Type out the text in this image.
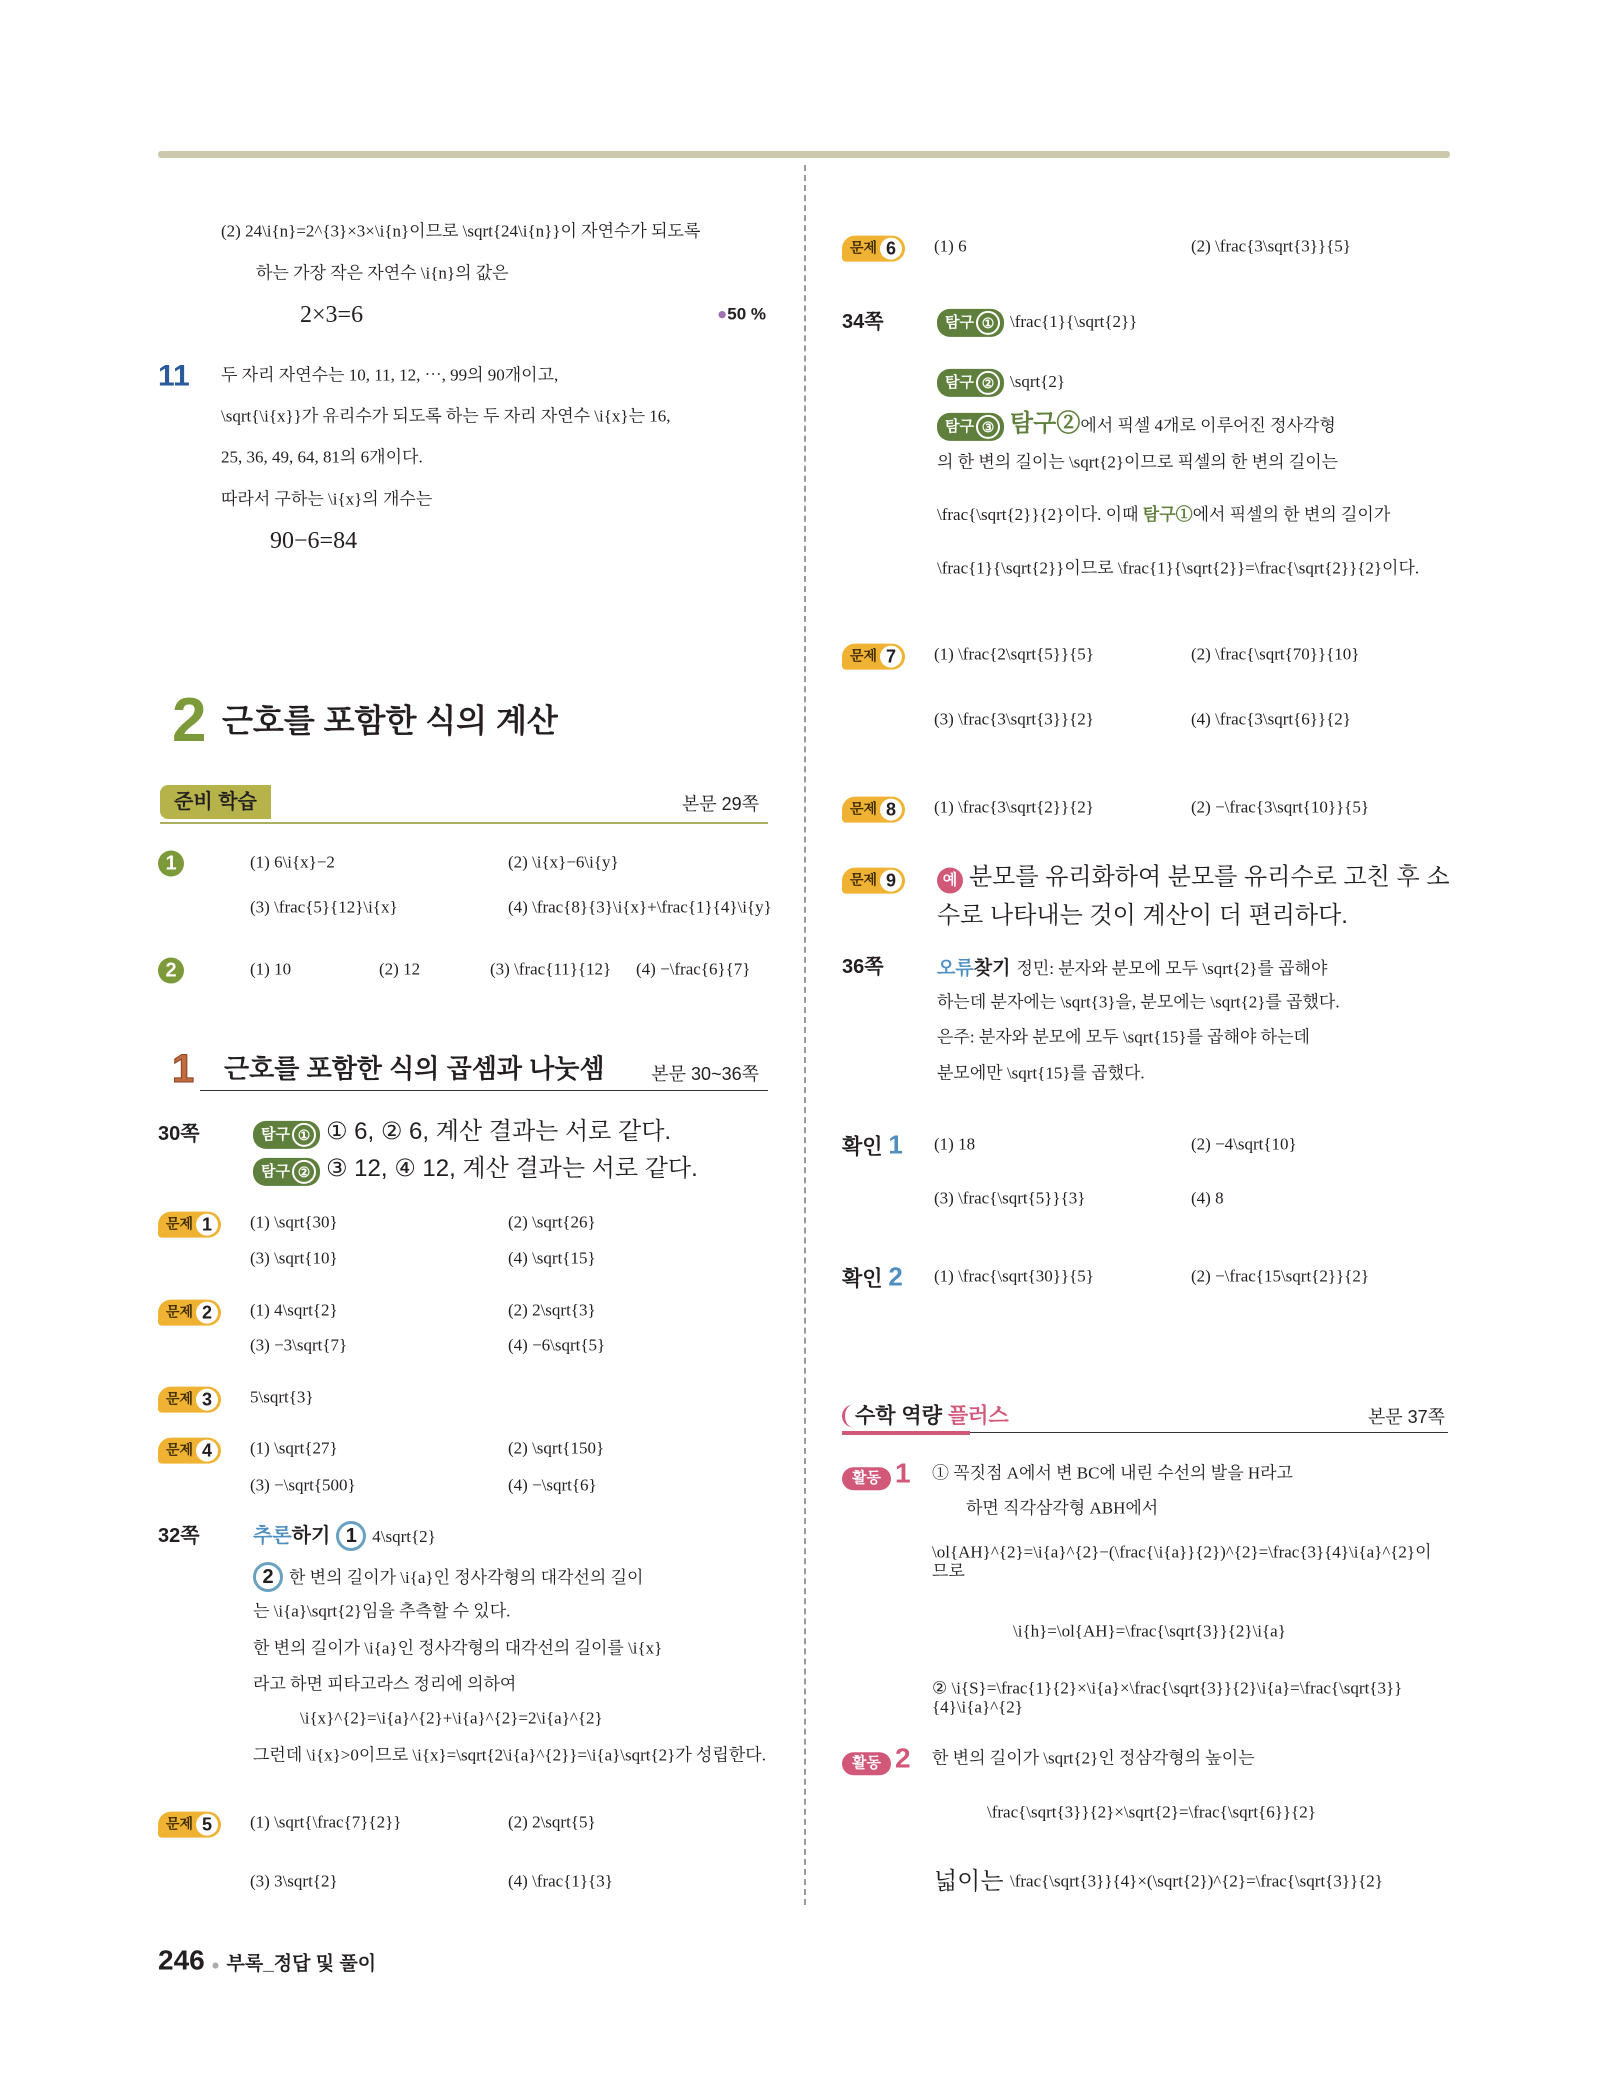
(2) 24\i{n}=2^{3}×3×\i{n}이므로 \sqrt{24\i{n}}이 자연수가 되도록
하는 가장 작은 자연수 \i{n}의 값은
2×3=6	●50 %
11 두 자리 자연수는 10, 11, 12, ⋯, 99의 90개이고,
\sqrt{\i{x}}가 유리수가 되도록 하는 두 자리 자연수 \i{x}는 16,
25, 36, 49, 64, 81의 6개이다.
따라서 구하는 \i{x}의 개수는
90−6=84
2 근호를 포함한 식의 계산
준비 학습	본문 29쪽
1	(1) 6\i{x}−2	(2) \i{x}−6\i{y}
(3) \frac{5}{12}\i{x}	(4) \frac{8}{3}\i{x}+\frac{1}{4}\i{y}
2	(1) 10	(2) 12	(3) \frac{11}{12} (4) −\frac{6}{7}
1 근호를 포함한 식의 곱셈과 나눗셈	본문 30~36쪽
30쪽	탐구 ① ① 6, ② 6, 계산 결과는 서로 같다.
탐구 ② ③ 12, ④ 12, 계산 결과는 서로 같다.
문제 1	(1) \sqrt{30}	(2) \sqrt{26}
(3) \sqrt{10}	(4) \sqrt{15}
문제 2	(1) 4\sqrt{2}	(2) 2\sqrt{3}
(3) −3\sqrt{7}	(4) −6\sqrt{5}
문제 3	5\sqrt{3}
문제 4	(1) \sqrt{27}	(2) \sqrt{150}
(3) −\sqrt{500}	(4) −\sqrt{6}
32쪽	추론하기 1 4\sqrt{2}
2 한 변의 길이가 \i{a}인 정사각형의 대각선의 길이
는 \i{a}\sqrt{2}임을 추측할 수 있다.
한 변의 길이가 \i{a}인 정사각형의 대각선의 길이를 \i{x}
라고 하면 피타고라스 정리에 의하여
\i{x}^{2}=\i{a}^{2}+\i{a}^{2}=2\i{a}^{2}
그런데 \i{x}>0이므로 \i{x}=\sqrt{2\i{a}^{2}}=\i{a}\sqrt{2}가 성립한다.
문제 5	(1) \sqrt{\frac{7}{2}}	(2) 2\sqrt{5}
(3) 3\sqrt{2}	(4) \frac{1}{3}
246 ● 부록_정답 및 풀이
문제 6	(1) 6	(2) \frac{3\sqrt{3}}{5}
34쪽	탐구 ① \frac{1}{\sqrt{2}}
탐구 ② \sqrt{2}
탐구 ③ 탐구②에서 픽셀 4개로 이루어진 정사각형
의 한 변의 길이는 \sqrt{2}이므로 픽셀의 한 변의 길이는
\frac{\sqrt{2}}{2}이다. 이때 탐구①에서 픽셀의 한 변의 길이가
\frac{1}{\sqrt{2}}이므로 \frac{1}{\sqrt{2}}=\frac{\sqrt{2}}{2}이다.
문제 7	(1) \frac{2\sqrt{5}}{5}	(2) \frac{\sqrt{70}}{10}
(3) \frac{3\sqrt{3}}{2}	(4) \frac{3\sqrt{6}}{2}
문제 8	(1) \frac{3\sqrt{2}}{2}	(2) −\frac{3\sqrt{10}}{5}
문제 9	예 분모를 유리화하여 분모를 유리수로 고친 후 소
수로 나타내는 것이 계산이 더 편리하다.
36쪽	오류찾기 정민: 분자와 분모에 모두 \sqrt{2}를 곱해야
하는데 분자에는 \sqrt{3}을, 분모에는 \sqrt{2}를 곱했다.
은주: 분자와 분모에 모두 \sqrt{15}를 곱해야 하는데
분모에만 \sqrt{15}를 곱했다.
확인 1 (1) 18	(2) −4\sqrt{10}
(3) \frac{\sqrt{5}}{3}	(4) 8
확인 2 (1) \frac{\sqrt{30}}{5}	(2) −\frac{15\sqrt{2}}{2}
수학 역량 플러스	본문 37쪽
활동 1 ① 꼭짓점 A에서 변 BC에 내린 수선의 발을 H라고
하면 직각삼각형 ABH에서
\ol{AH}^{2}=\i{a}^{2}−(\frac{\i{a}}{2})^{2}=\frac{3}{4}\i{a}^{2}이므로
\i{h}=\ol{AH}=\frac{\sqrt{3}}{2}\i{a}
② \i{S}=\frac{1}{2}×\i{a}×\frac{\sqrt{3}}{2}\i{a}=\frac{\sqrt{3}}{4}\i{a}^{2}
활동 2 한 변의 길이가 \sqrt{2}인 정삼각형의 높이는
\frac{\sqrt{3}}{2}×\sqrt{2}=\frac{\sqrt{6}}{2}
넓이는 \frac{\sqrt{3}}{4}×(\sqrt{2})^{2}=\frac{\sqrt{3}}{2}
